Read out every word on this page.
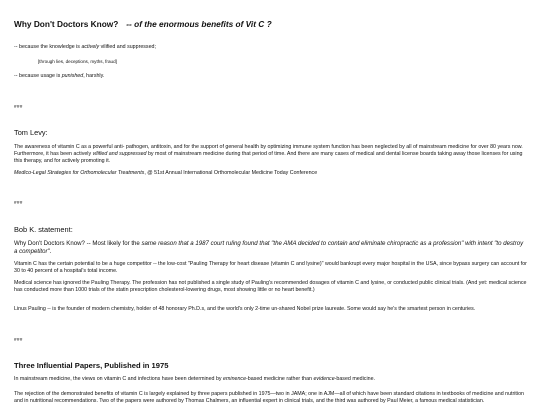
Why Don't Doctors Know? -- of the enormous benefits of Vit C ?
-- because the knowledge is actively vilified and suppressed;
[through lies, deceptions, myths, fraud]
-- because usage is punished, harshly.
###
Tom Levy:
The awareness of vitamin C as a powerful anti- pathogen, antitoxin, and for the support of general health by optimizing immune system function has been neglected by all of mainstream medicine for over 80 years now. Furthermore, it has been actively vilified and suppressed by most of mainstream medicine during that period of time. And there are many cases of medical and dental license boards taking away those licenses for using this therapy, and for actively promoting it.
Medico-Legal Strategies for Orthomolecular Treatments, @ 51st Annual International Orthomolecular Medicine Today Conference
###
Bob K. statement:
Why Don't Doctors Know? -- Most likely for the same reason that a 1987 court ruling found that "the AMA decided to contain and eliminate chiropractic as a profession" with intent "to destroy a competitor".
Vitamin C has the certain potential to be a huge competitor -- the low-cost "Pauling Therapy for heart disease (vitamin C and lysine)" would bankrupt every major hospital in the USA, since bypass surgery can account for 30 to 40 percent of a hospital's total income.
Medical science has ignored the Pauling Therapy. The profession has not published a single study of Pauling's recommended dosages of vitamin C and lysine, or conducted public clinical trials. (And yet: medical science has conducted more than 1000 trials of the statin prescription cholesterol-lowering drugs, most showing little or no heart benefit.)
Linus Pauling -- is the founder of modern chemistry, holder of 48 honorary Ph.D.s, and the world's only 2-time un-shared Nobel prize laureate. Some would say he's the smartest person in centuries.
###
Three Influential Papers, Published in 1975
In mainstream medicine, the views on vitamin C and infections have been determined by eminence-based medicine rather than evidence-based medicine.
The rejection of the demonstrated benefits of vitamin C is largely explained by three papers published in 1975—two in JAMA; one in AJM—all of which have been standard citations in textbooks of medicine and nutrition and in nutritional recommendations. Two of the papers were authored by Thomas Chalmers, an influential expert in clinical trials, and the third was authored by Paul Meier, a famous medical statistician.
